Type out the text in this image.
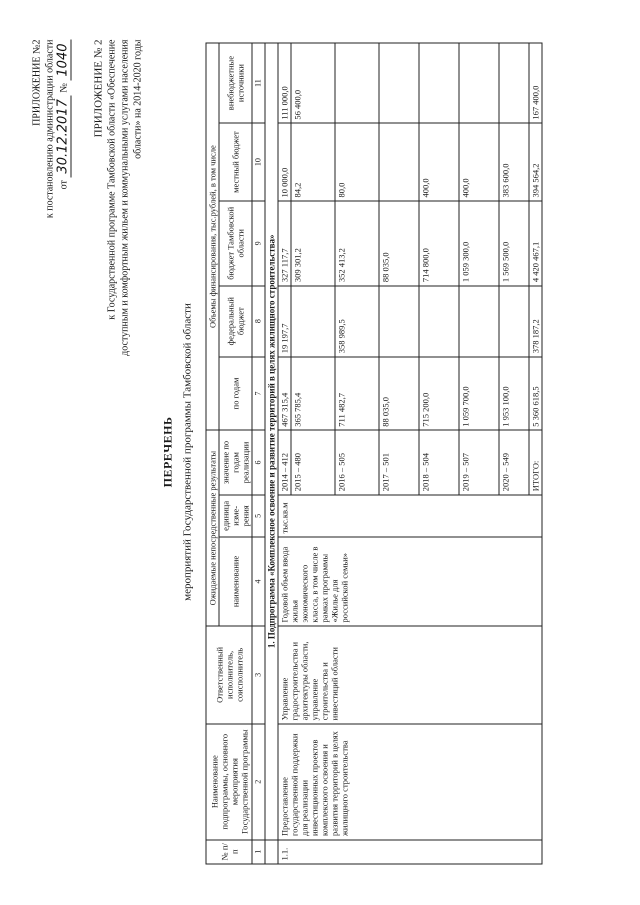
ПРИЛОЖЕНИЕ №2 к постановлению администрации области от 30.12.2017 № 1040 ПРИЛОЖЕНИЕ № 2 к Государственной программе Тамбовской области «Обеспечение доступным и комфортным жильем и коммунальными услугами населения области» на 2014-2020 годы
ПЕРЕЧЕНЬ мероприятий Государственной программы Тамбовской области
№ п/п	Наименование подпрограммы, основного мероприятия Государственной программы	Ответственный исполнитель, соисполнитель	Ожидаемые непосредственные результаты			Объемы финансирования, тыс.рублей, в том числе				
			наименование	единица изме-рения	значение по годам реализации	по годам	федеральный бюджет	бюджет Тамбовской области	местный бюджет	внебюджетные источники
1	2	3	4	5	6	7	8	9	10	11
	1. Подпрограмма «Комплексное освоение и развитие территорий в целях жилищного строительства»									
1.1.	Предоставление государственной поддержки для реализации инвестиционных проектов комплексного освоения и развития территорий в целях жилищного строительства	Управление градостроительства и архитектуры области, управление строительства и инвестиций области	Годовой объем ввода жилья экономического класса, в том числе в рамках программы «Жилье для российской семьи»	тыс.кв.м	2014 – 412	467 315,4	19 197,7	327 117,7	10 000,0	111 000,0
					2015 – 480	365 785,4		309 301,2	84,2	56 400,0
					2016 – 505	711 482,7	358 989,5	352 413,2	80,0	
					2017 – 501	88 035,0		88 035,0		
					2018 – 504	715 200,0		714 800,0	400,0	
					2019 – 507	1 059 700,0		1 059 300,0	400,0	
					2020 – 549	1 953 100,0		1 569 500,0	383 600,0	
					ИТОГО:	5 360 618,5	378 187,2	4 420 467,1	394 564,2	167 400,0
